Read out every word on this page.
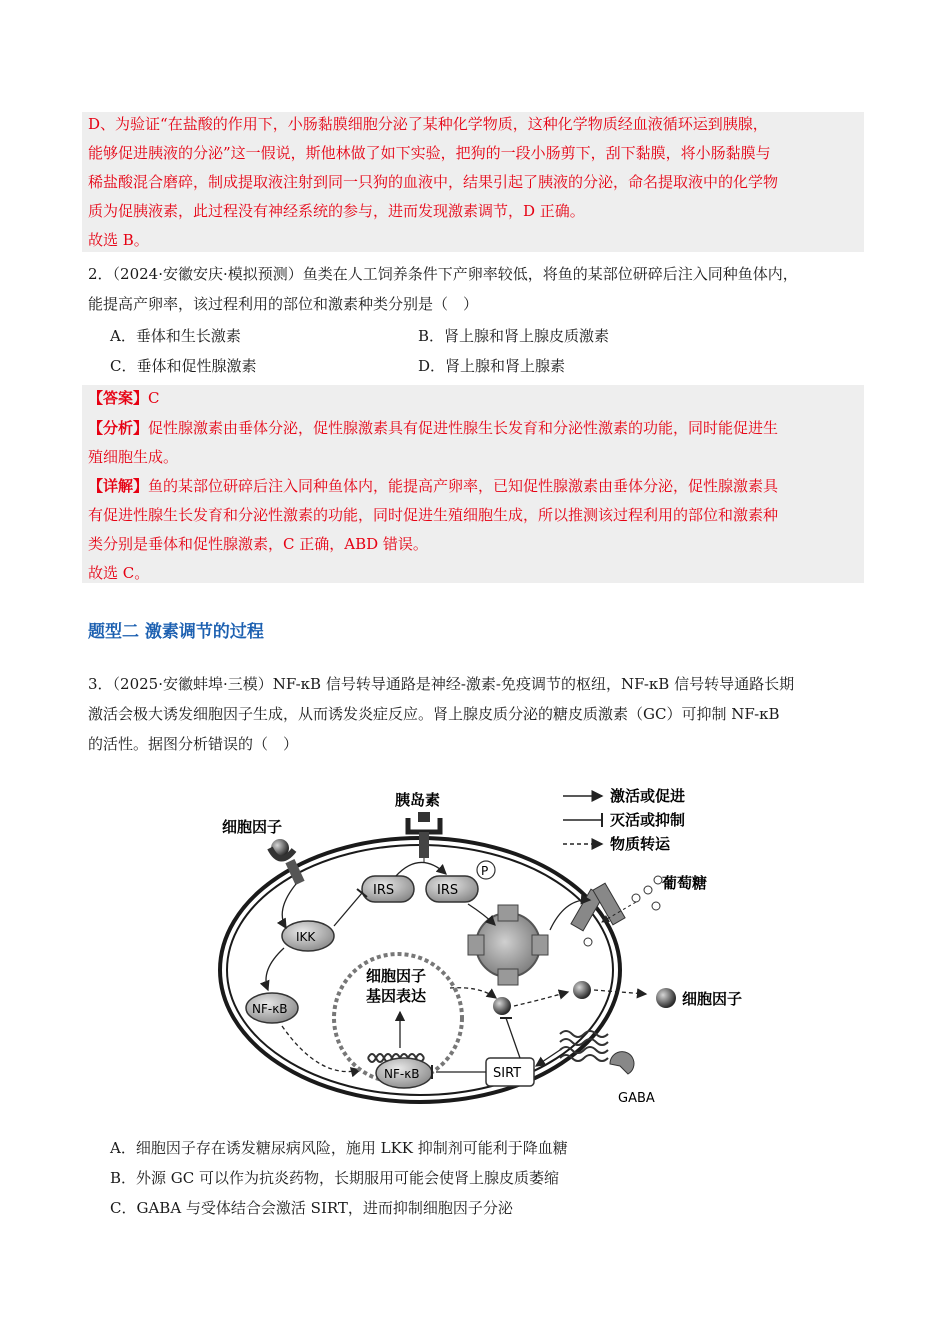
D、为验证“在盐酸的作用下，小肠黏膜细胞分泌了某种化学物质，这种化学物质经血液循环运到胰腺，
能够促进胰液的分泌”这一假说，斯他林做了如下实验，把狗的一段小肠剪下，刮下黏膜，将小肠黏膜与
稀盐酸混合磨碎，制成提取液注射到同一只狗的血液中，结果引起了胰液的分泌，命名提取液中的化学物
质为促胰液素，此过程没有神经系统的参与，进而发现激素调节，D 正确。
故选 B。
2．（2024·安徽安庆·模拟预测）鱼类在人工饲养条件下产卵率较低，将鱼的某部位研碎后注入同种鱼体内，
能提高产卵率，该过程利用的部位和激素种类分别是（　）
A．垂体和生长激素	B．肾上腺和肾上腺皮质激素
C．垂体和促性腺激素	D．肾上腺和肾上腺素
【答案】C
【分析】促性腺激素由垂体分泌，促性腺激素具有促进性腺生长发育和分泌性激素的功能，同时能促进生
殖细胞生成。
【详解】鱼的某部位研碎后注入同种鱼体内，能提高产卵率，已知促性腺激素由垂体分泌，促性腺激素具
有促进性腺生长发育和分泌性激素的功能，同时促进生殖细胞生成，所以推测该过程利用的部位和激素种
类分别是垂体和促性腺激素，C 正确，ABD 错误。
故选 C。
题型二 激素调节的过程
3．（2025·安徽蚌埠·三模）NF-κB 信号转导通路是神经-激素-免疫调节的枢纽，NF-κB 信号转导通路长期
激活会极大诱发细胞因子生成，从而诱发炎症反应。肾上腺皮质分泌的糖皮质激素（GC）可抑制 NF-κB
的活性。据图分析错误的（　）
激活或促进
灭活或抑制
物质转运
胰岛素
细胞因子
IRS	IRS
P
葡萄糖
IKK
NF-κB
细胞因子
基因表达
NF-κB
细胞因子
SIRT
GABA
A．细胞因子存在诱发糖尿病风险，施用 LKK 抑制剂可能利于降血糖
B．外源 GC 可以作为抗炎药物，长期服用可能会使肾上腺皮质萎缩
C．GABA 与受体结合会激活 SIRT，进而抑制细胞因子分泌
